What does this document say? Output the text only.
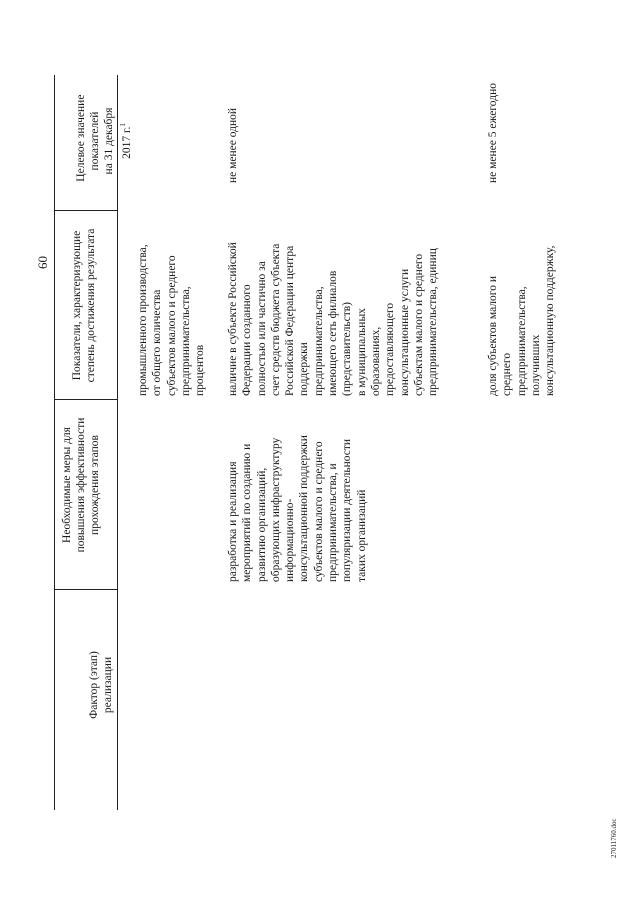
60
Фактор (этап)
реализации
Необходимые меры для
повышения эффективности
прохождения этапов
Показатели, характеризующие
степень достижения результата

Целевое значение
показателей
на 31 декабря
2017 г.$^1$

промышленного производства,
от общего количества
субъектов малого и среднего
предпринимательства,
процентов
разработка и реализация
мероприятий по созданию и
развитию организаций,
образующих инфраструктуру
информационно-
консультационной поддержки
субъектов малого и среднего
предпринимательства, и
популяризации деятельности
таких организаций
наличие в субъекте Российской
Федерации созданного
полностью или частично за
счет средств бюджета субъекта
Российской Федерации центра
поддержки
предпринимательства,
имеющего сеть филиалов
(представительств)
в муниципальных
образованиях,
предоставляющего
консультационные услуги
субъектам малого и среднего
предпринимательства, единиц
не менее одной
доля субъектов малого и
среднего
предпринимательства,
получивших
консультационную поддержку,
не менее 5 ежегодно
27011760.doc
